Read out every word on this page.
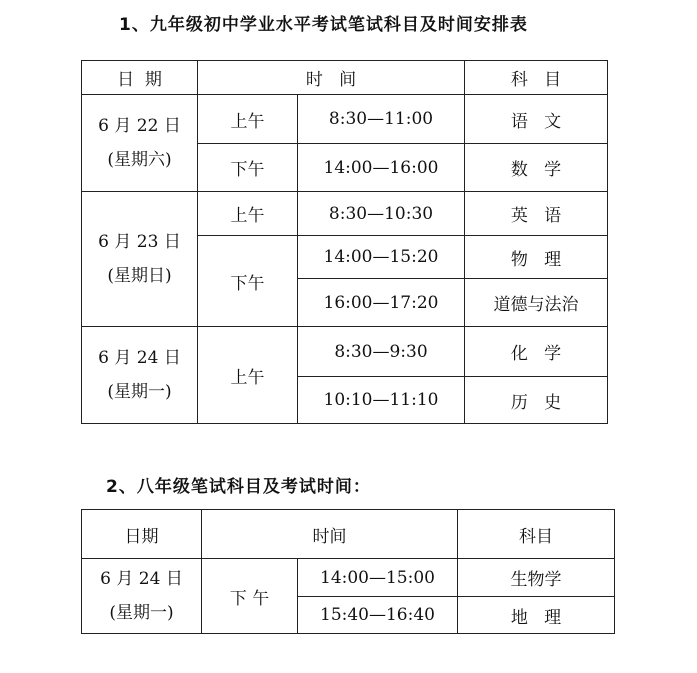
1、九年级初中学业水平考试笔试科目及时间安排表
日  期	时   间		科   目

6 月 22 日
(星期六)	上午	8:30—11:00	语   文
	下午	14:00—16:00	数   学

6 月 23 日
(星期日)	上午	8:30—10:30	英   语
	下午	14:00—15:20	物   理
		16:00—17:20	道德与法治

6 月 24 日
(星期一)	上午	8:30—9:30	化   学
		10:10—11:10	历   史
2、八年级笔试科目及考试时间：
日期	时间		科目

6 月 24 日
(星期一)	下 午	14:00—15:00	生物学
		15:40—16:40	地   理
